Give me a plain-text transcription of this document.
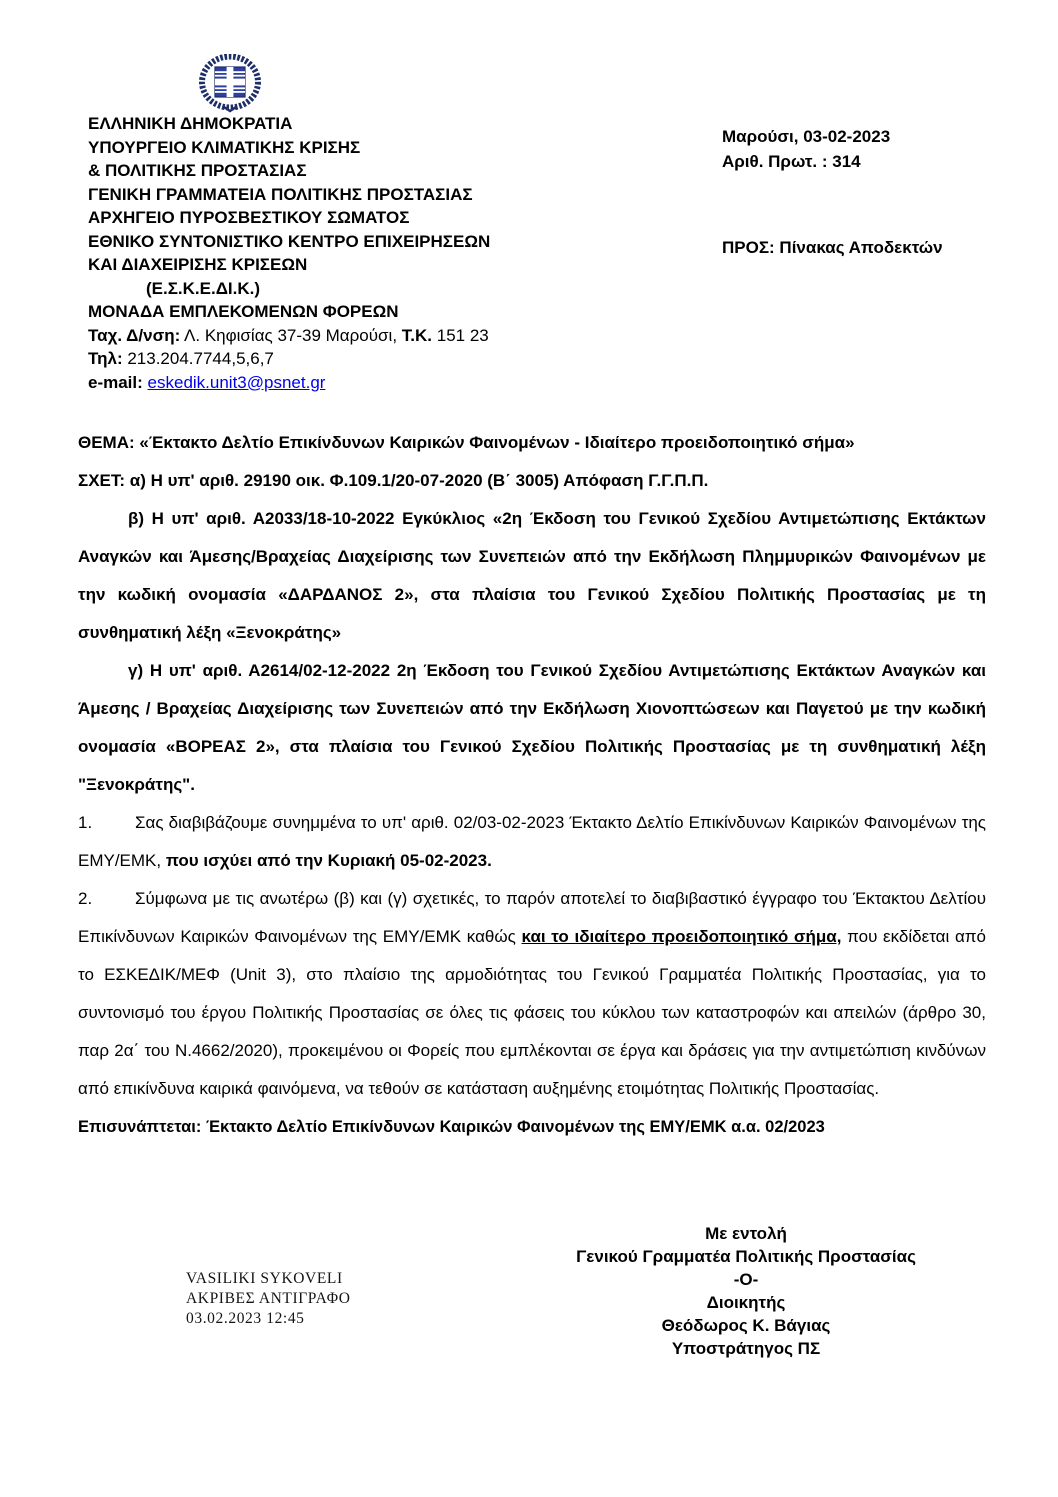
ΕΛΛΗΝΙΚΗ ΔΗΜΟΚΡΑΤΙΑ
ΥΠΟΥΡΓΕΙΟ ΚΛΙΜΑΤΙΚΗΣ ΚΡΙΣΗΣ
& ΠΟΛΙΤΙΚΗΣ ΠΡΟΣΤΑΣΙΑΣ
ΓΕΝΙΚΗ ΓΡΑΜΜΑΤΕΙΑ ΠΟΛΙΤΙΚΗΣ ΠΡΟΣΤΑΣΙΑΣ
ΑΡΧΗΓΕΙΟ ΠΥΡΟΣΒΕΣΤΙΚΟΥ ΣΩΜΑΤΟΣ
ΕΘΝΙΚΟ ΣΥΝΤΟΝΙΣΤΙΚΟ ΚΕΝΤΡΟ ΕΠΙΧΕΙΡΗΣΕΩΝ
ΚΑΙ ΔΙΑΧΕΙΡΙΣΗΣ ΚΡΙΣΕΩΝ
(Ε.Σ.Κ.Ε.ΔΙ.Κ.)
ΜΟΝΑΔΑ ΕΜΠΛΕΚΟΜΕΝΩΝ ΦΟΡΕΩΝ
Ταχ. Δ/νση: Λ. Κηφισίας 37-39 Μαρούσι, Τ.Κ. 151 23
Τηλ: 213.204.7744,5,6,7
e-mail: eskedik.unit3@psnet.gr
Μαρούσι, 03-02-2023
Αριθ. Πρωτ. : 314
ΠΡΟΣ: Πίνακας Αποδεκτών

ΘΕΜΑ: «Έκτακτο Δελτίο Επικίνδυνων Καιρικών Φαινομένων - Ιδιαίτερο προειδοποιητικό σήμα»

ΣΧΕΤ: α) Η υπ' αριθ. 29190 οικ. Φ.109.1/20-07-2020 (Β΄ 3005) Απόφαση Γ.Γ.Π.Π.

β) Η υπ' αριθ. Α2033/18-10-2022 Εγκύκλιος «2η Έκδοση του Γενικού Σχεδίου Αντιμετώπισης Εκτάκτων Αναγκών και Άμεσης/Βραχείας Διαχείρισης των Συνεπειών από την Εκδήλωση Πλημμυρικών Φαινομένων με την κωδική ονομασία «ΔΑΡΔΑΝΟΣ 2», στα πλαίσια του Γενικού Σχεδίου Πολιτικής Προστασίας με τη συνθηματική λέξη «Ξενοκράτης»

γ) Η υπ' αριθ. Α2614/02-12-2022 2η Έκδοση του Γενικού Σχεδίου Αντιμετώπισης Εκτάκτων Αναγκών και Άμεσης / Βραχείας Διαχείρισης των Συνεπειών από την Εκδήλωση Χιονοπτώσεων και Παγετού με την κωδική ονομασία «ΒΟΡΕΑΣ 2», στα πλαίσια του Γενικού Σχεδίου Πολιτικής Προστασίας με τη συνθηματική λέξη "Ξενοκράτης".

1.	Σας διαβιβάζουμε συνημμένα το υπ' αριθ. 02/03-02-2023 Έκτακτο Δελτίο Επικίνδυνων Καιρικών Φαινομένων της ΕΜΥ/ΕΜΚ, που ισχύει από την Κυριακή 05-02-2023.

2.	Σύμφωνα με τις ανωτέρω (β) και (γ) σχετικές, το παρόν αποτελεί το διαβιβαστικό έγγραφο του Έκτακτου Δελτίου Επικίνδυνων Καιρικών Φαινομένων της ΕΜΥ/ΕΜΚ καθώς και το ιδιαίτερο προειδοποιητικό σήμα, που εκδίδεται από το ΕΣΚΕΔΙΚ/ΜΕΦ (Unit 3), στο πλαίσιο της αρμοδιότητας του Γενικού Γραμματέα Πολιτικής Προστασίας, για το συντονισμό του έργου Πολιτικής Προστασίας σε όλες τις φάσεις του κύκλου των καταστροφών και απειλών (άρθρο 30, παρ 2α΄ του Ν.4662/2020), προκειμένου οι Φορείς που εμπλέκονται σε έργα και δράσεις για την αντιμετώπιση κινδύνων από επικίνδυνα καιρικά φαινόμενα, να τεθούν σε κατάσταση αυξημένης ετοιμότητας Πολιτικής Προστασίας.

Επισυνάπτεται: Έκτακτο Δελτίο Επικίνδυνων Καιρικών Φαινομένων της ΕΜΥ/ΕΜΚ α.α. 02/2023

Με εντολή
Γενικού Γραμματέα Πολιτικής Προστασίας
-Ο-
Διοικητής
Θεόδωρος Κ. Βάγιας
Υποστράτηγος ΠΣ
VASILIKI SYKOVELI
ΑΚΡΙΒΕΣ ΑΝΤΙΓΡΑΦΟ
03.02.2023 12:45
